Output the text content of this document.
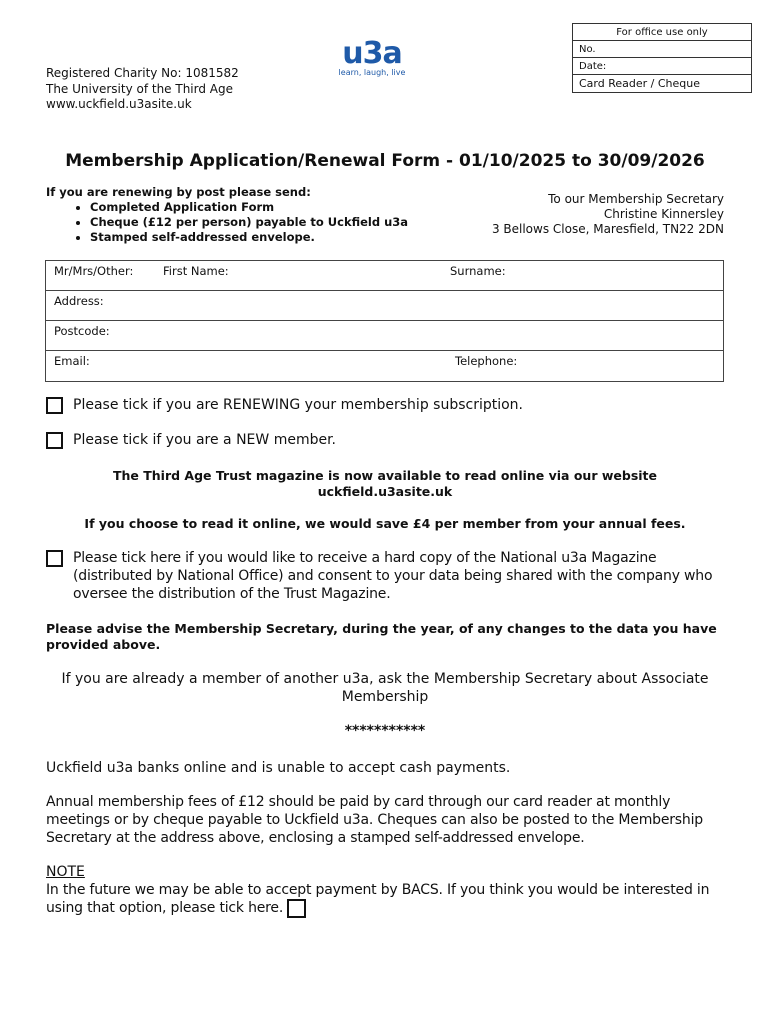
For office use only
No.
Date:
Card Reader / Cheque
u3a
learn, laugh, live
Registered Charity No: 1081582
The University of the Third Age
www.uckfield.u3asite.uk
Membership Application/Renewal Form - 01/10/2025 to 30/09/2026
If you are renewing by post please send:
• Completed Application Form
• Cheque (£12 per person) payable to Uckfield u3a
• Stamped self-addressed envelope.
To our Membership Secretary
Christine Kinnersley
3 Bellows Close, Maresfield, TN22 2DN
Mr/Mrs/Other:	First Name:	Surname:
Address:
Postcode:
Email:	Telephone:
Please tick if you are RENEWING your membership subscription.
Please tick if you are a NEW member.
The Third Age Trust magazine is now available to read online via our website
uckfield.u3asite.uk
If you choose to read it online, we would save £4 per member from your annual fees.
Please tick here if you would like to receive a hard copy of the National u3a Magazine (distributed by National Office) and consent to your data being shared with the company who oversee the distribution of the Trust Magazine.
Please advise the Membership Secretary, during the year, of any changes to the data you have provided above.
If you are already a member of another u3a, ask the Membership Secretary about Associate Membership
***********
Uckfield u3a banks online and is unable to accept cash payments.
Annual membership fees of £12 should be paid by card through our card reader at monthly meetings or by cheque payable to Uckfield u3a. Cheques can also be posted to the Membership Secretary at the address above, enclosing a stamped self-addressed envelope.
NOTE
In the future we may be able to accept payment by BACS. If you think you would be interested in using that option, please tick here.
